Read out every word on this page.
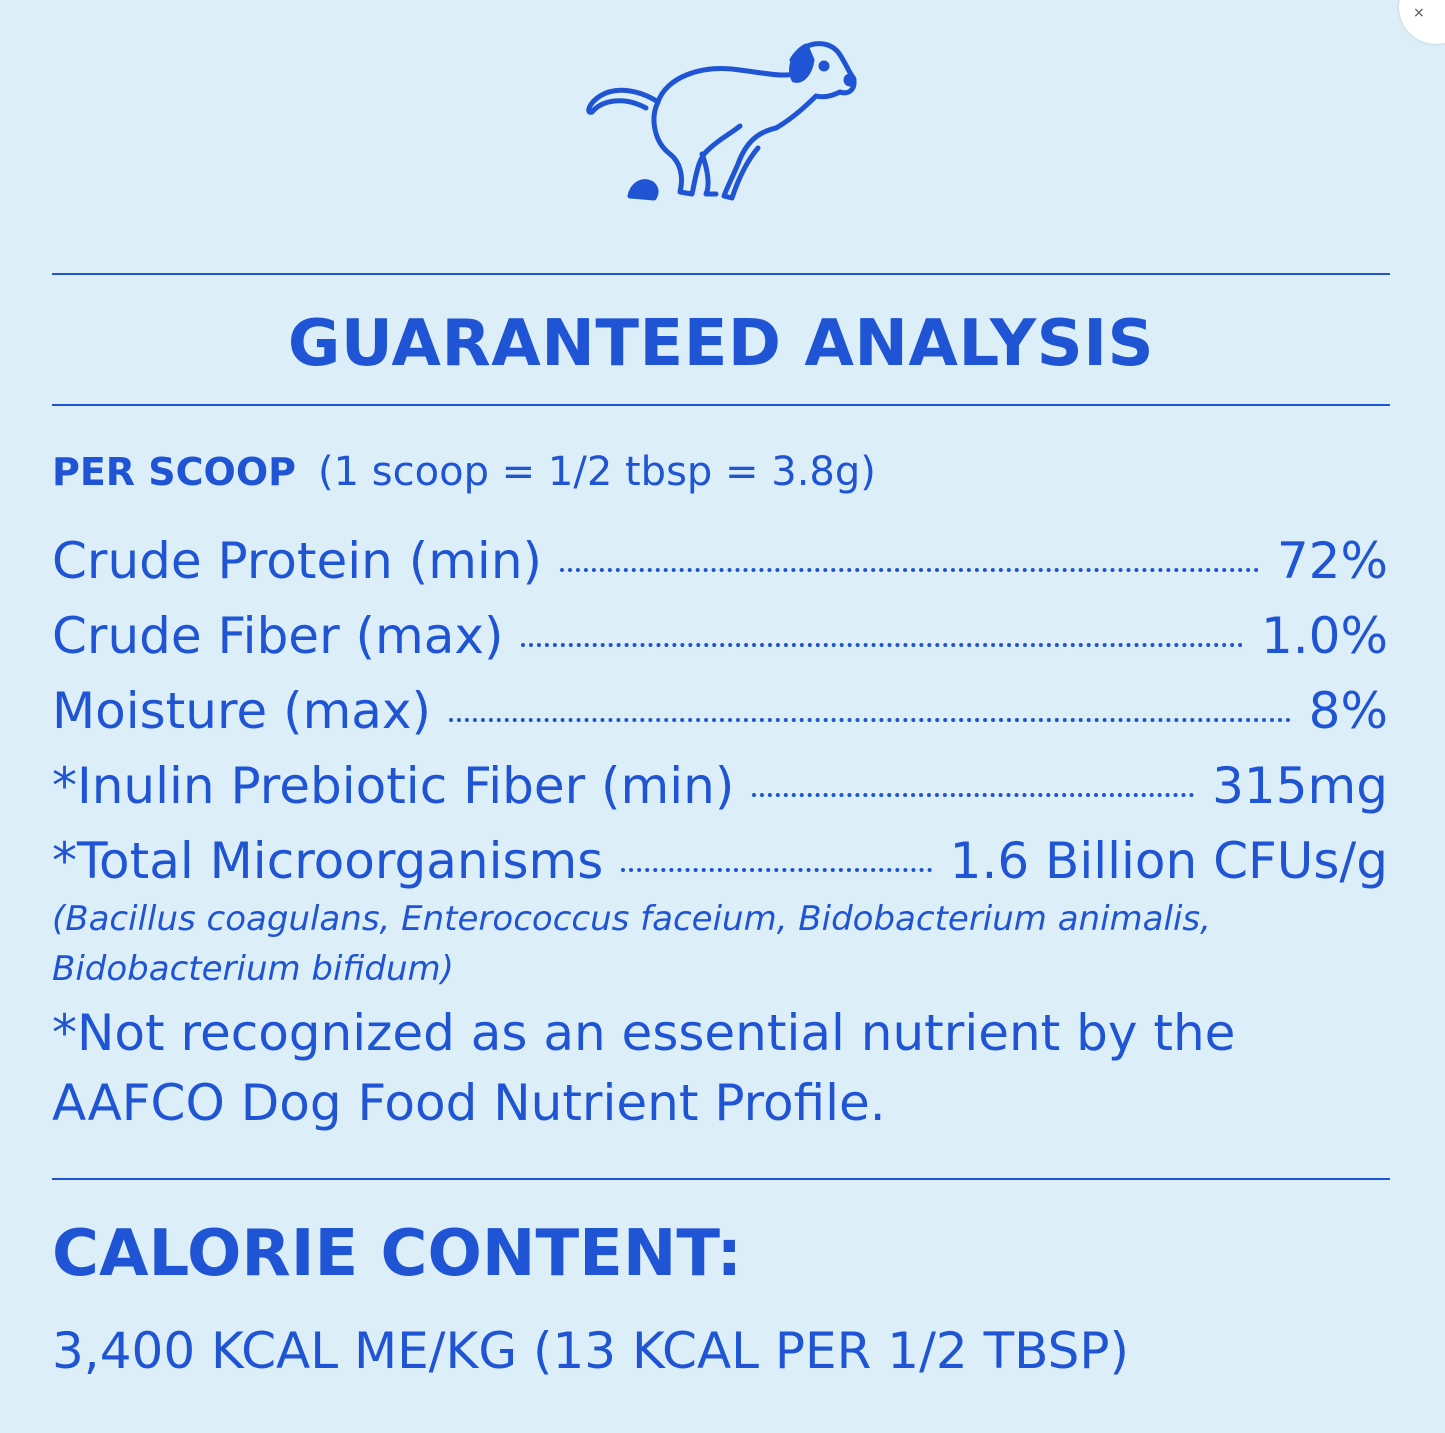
×
GUARANTEED ANALYSIS
PER SCOOP (1 scoop = 1/2 tbsp = 3.8g)
Crude Protein (min)	72%
Crude Fiber (max)	1.0%
Moisture (max)	8%
*Inulin Prebiotic Fiber (min)	315mg
*Total Microorganisms	1.6 Billion CFUs/g
(Bacillus coagulans, Enterococcus faceium, Bidobacterium animalis, Bidobacterium bifidum)
*Not recognized as an essential nutrient by the AAFCO Dog Food Nutrient Profile.
CALORIE CONTENT:
3,400 KCAL ME/KG (13 KCAL PER 1/2 TBSP)
